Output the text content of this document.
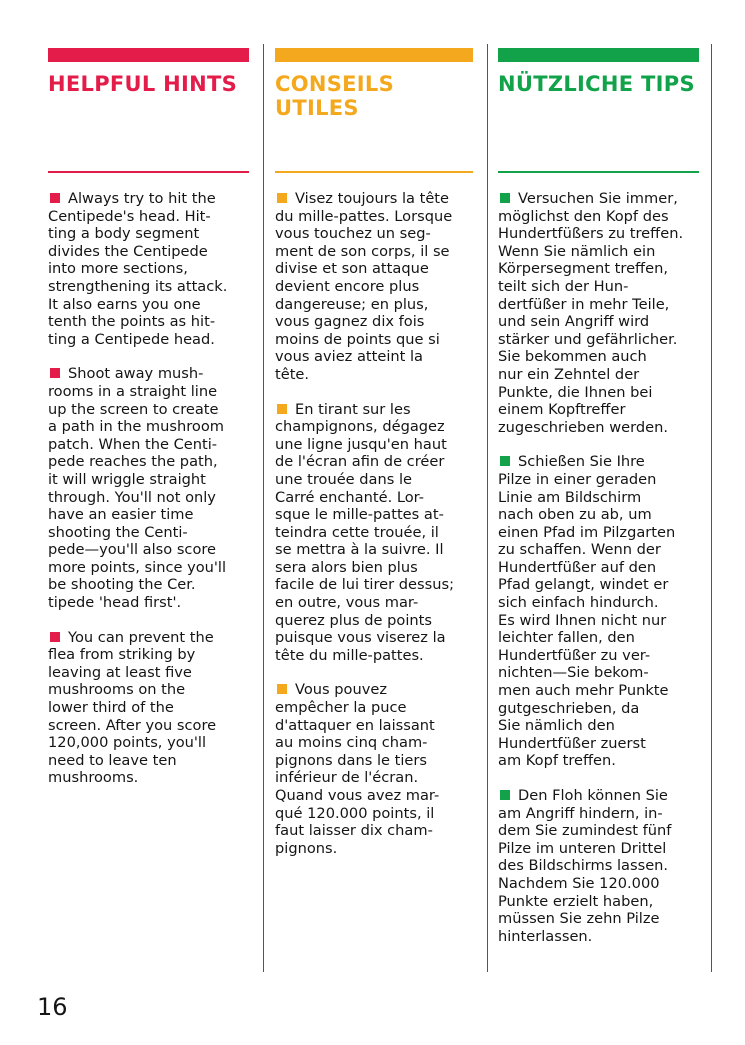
HELPFUL HINTS

Always try to hit the
Centipede's head. Hit-
ting a body segment
divides the Centipede
into more sections,
strengthening its attack.
It also earns you one
tenth the points as hit-
ting a Centipede head.

Shoot away mush-
rooms in a straight line
up the screen to create
a path in the mushroom
patch. When the Centi-
pede reaches the path,
it will wriggle straight
through. You'll not only
have an easier time
shooting the Centi-
pede—you'll also score
more points, since you'll
be shooting the Cer.
tipede 'head first'.

You can prevent the
flea from striking by
leaving at least five
mushrooms on the
lower third of the
screen. After you score
120,000 points, you'll
need to leave ten
mushrooms.

CONSEILS
UTILES

Visez toujours la tête
du mille-pattes. Lorsque
vous touchez un seg-
ment de son corps, il se
divise et son attaque
devient encore plus
dangereuse; en plus,
vous gagnez dix fois
moins de points que si
vous aviez atteint la
tête.

En tirant sur les
champignons, dégagez
une ligne jusqu'en haut
de l'écran afin de créer
une trouée dans le
Carré enchanté. Lor-
sque le mille-pattes at-
teindra cette trouée, il
se mettra à la suivre. Il
sera alors bien plus
facile de lui tirer dessus;
en outre, vous mar-
querez plus de points
puisque vous viserez la
tête du mille-pattes.

Vous pouvez
empêcher la puce
d'attaquer en laissant
au moins cinq cham-
pignons dans le tiers
inférieur de l'écran.
Quand vous avez mar-
qué 120.000 points, il
faut laisser dix cham-
pignons.

NÜTZLICHE TIPS

Versuchen Sie immer,
möglichst den Kopf des
Hundertfüßers zu treffen.
Wenn Sie nämlich ein
Körpersegment treffen,
teilt sich der Hun-
dertfüßer in mehr Teile,
und sein Angriff wird
stärker und gefährlicher.
Sie bekommen auch
nur ein Zehntel der
Punkte, die Ihnen bei
einem Kopftreffer
zugeschrieben werden.

Schießen Sie Ihre
Pilze in einer geraden
Linie am Bildschirm
nach oben zu ab, um
einen Pfad im Pilzgarten
zu schaffen. Wenn der
Hundertfüßer auf den
Pfad gelangt, windet er
sich einfach hindurch.
Es wird Ihnen nicht nur
leichter fallen, den
Hundertfüßer zu ver-
nichten—Sie bekom-
men auch mehr Punkte
gutgeschrieben, da
Sie nämlich den
Hundertfüßer zuerst
am Kopf treffen.

Den Floh können Sie
am Angriff hindern, in-
dem Sie zumindest fünf
Pilze im unteren Drittel
des Bildschirms lassen.
Nachdem Sie 120.000
Punkte erzielt haben,
müssen Sie zehn Pilze
hinterlassen.

16
